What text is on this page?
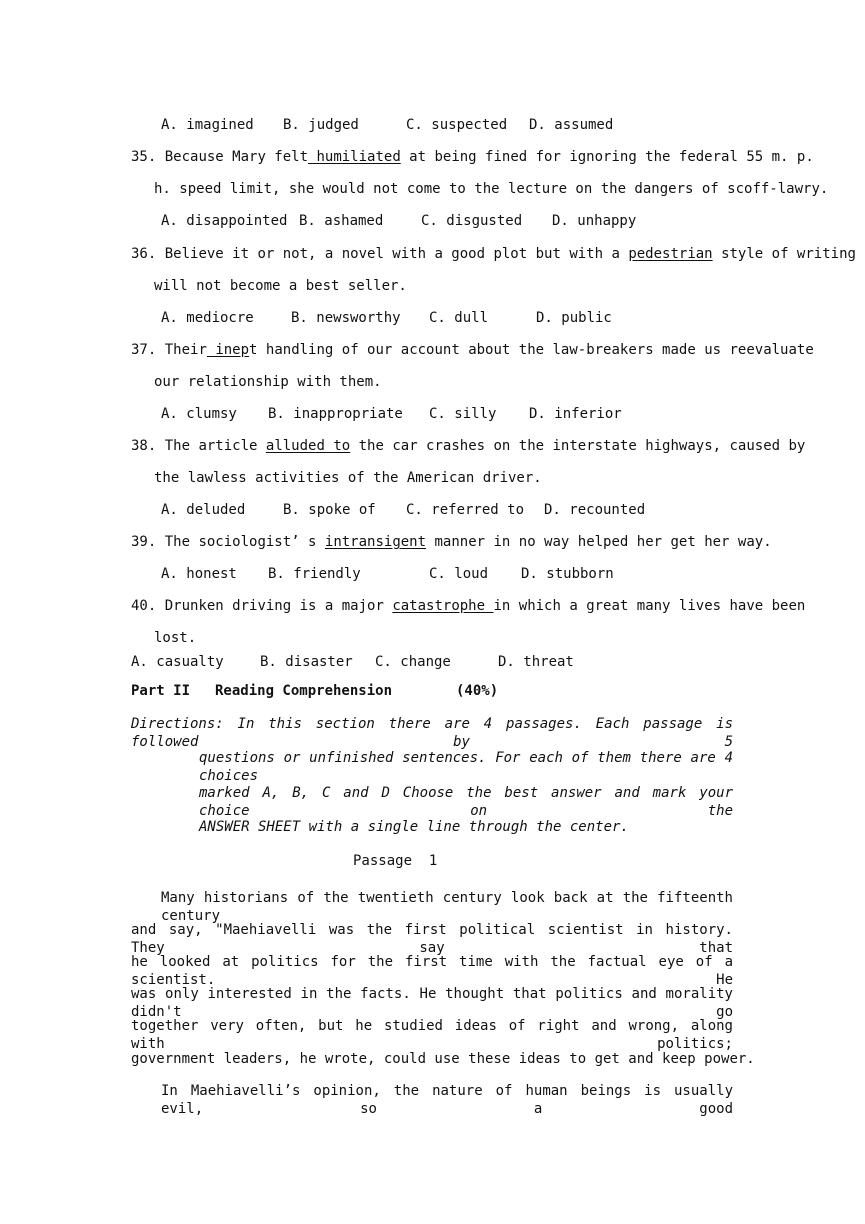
A. imagined B. judged	C. suspected D. assumed
35. Because Mary felt humiliated at being fined for ignoring the federal 55 m. p.
h. speed limit, she would not come to the lecture on the dangers of scoff-lawry.
A. disappointed B. ashamed	C. disgusted D. unhappy
36. Believe it or not, a novel with a good plot but with a pedestrian style of writing
will not become a best seller.
A. mediocre	B. newsworthy C. dull	D. public
37. Their inept handling of our account about the law-breakers made us reevaluate
our relationship with them.
A. clumsy B. inappropriate C. silly D. inferior
38. The article alluded to the car crashes on the interstate highways, caused by
the lawless activities of the American driver.
A. deluded	B. spoke of C. referred to D. recounted
39. The sociologist’ s intransigent manner in no way helped her get her way.
A. honest B. friendly	C. loud D. stubborn
40. Drunken driving is a major catastrophe in which a great many lives have been
lost.
A. casualty	B. disaster C. change	D. threat
Part II Reading Comprehension	(40%)
Directions: In this section there are 4 passages. Each passage is followed by 5
questions or unfinished sentences. For each of them there are 4 choices
marked A, B, C and D Choose the best answer and mark your choice on the
ANSWER SHEET with a single line through the center.
Passage  1
Many historians of the twentieth century look back at the fifteenth century
and say, "Maehiavelli was the first political scientist in history. They say that
he looked at politics for the first time with the factual eye of a scientist. He
was only interested in the facts. He thought that politics and morality didn't go
together very often, but he studied ideas of right and wrong, along with politics;
government leaders, he wrote, could use these ideas to get and keep power.
In Maehiavelli’s opinion, the nature of human beings is usually evil, so a good
